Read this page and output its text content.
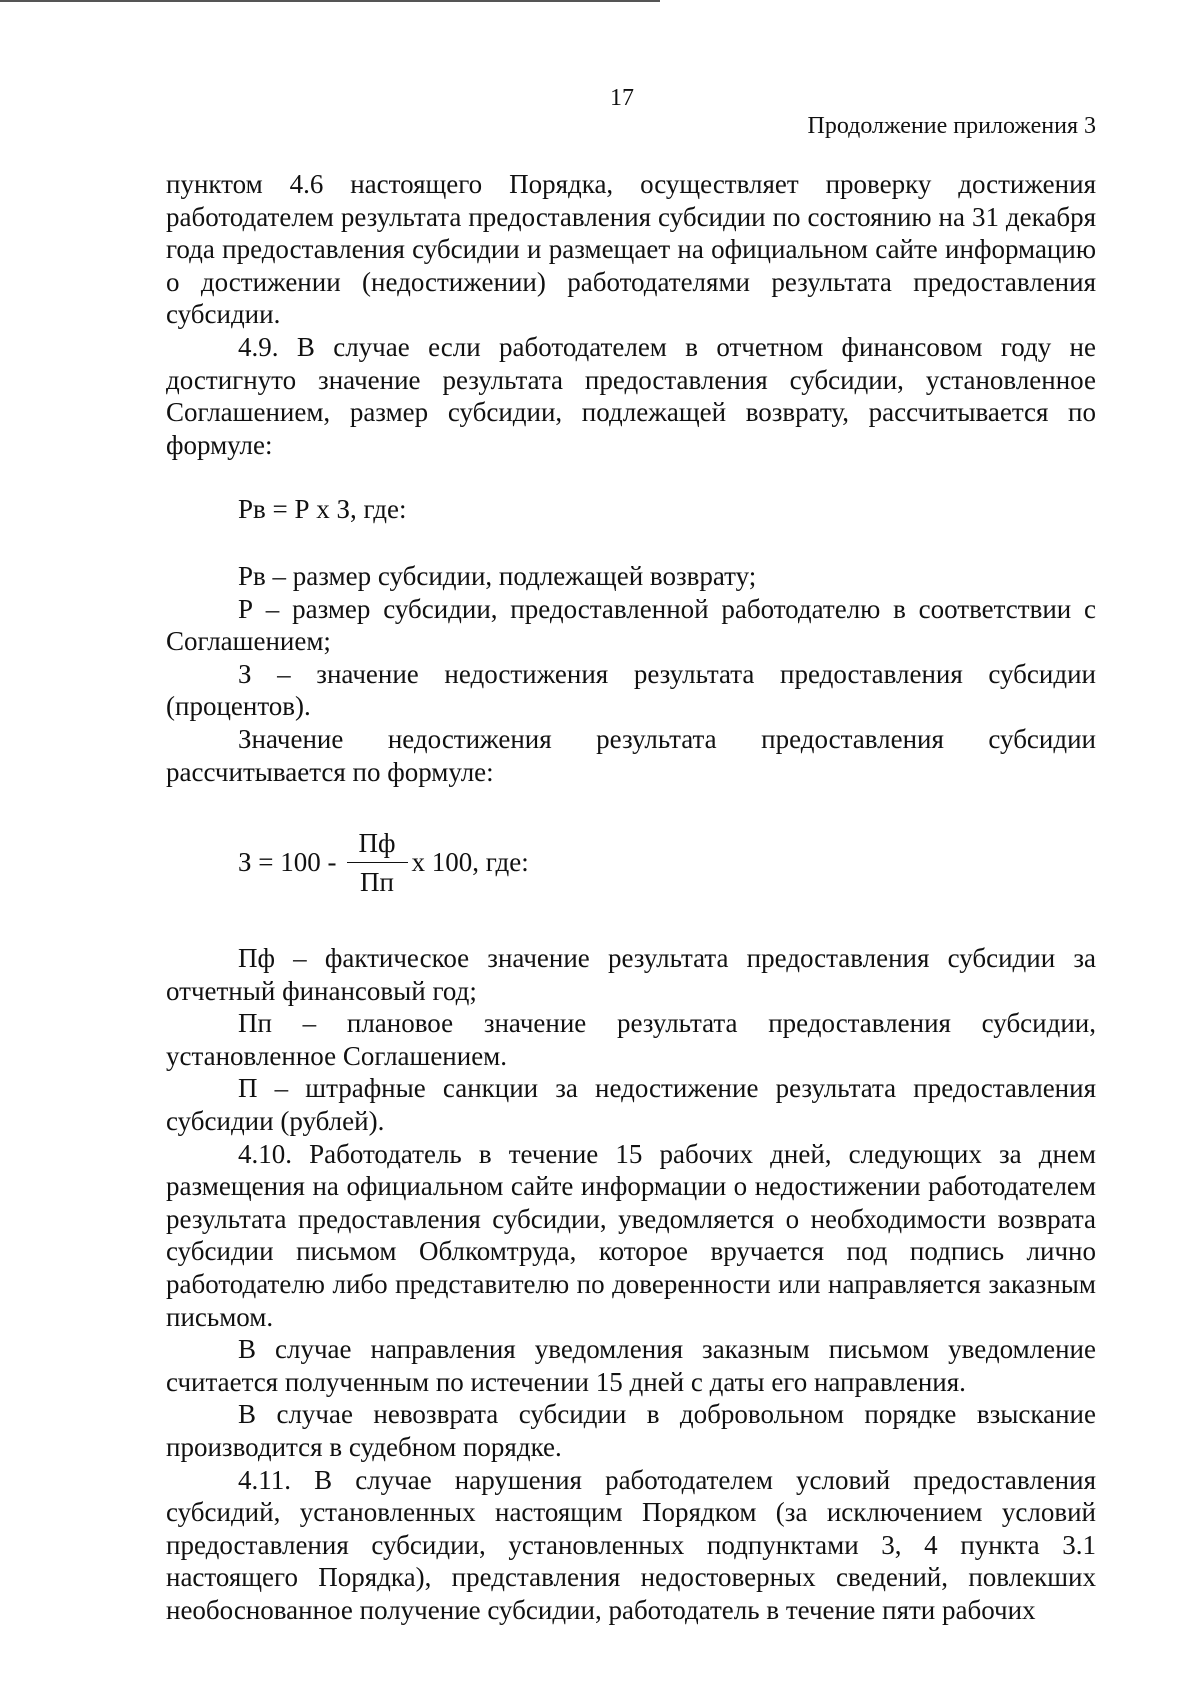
17
Продолжение приложения 3

пунктом 4.6 настоящего Порядка, осуществляет проверку достижения работодателем результата предоставления субсидии по состоянию на 31 декабря года предоставления субсидии и размещает на официальном сайте информацию о достижении (недостижении) работодателями результата предоставления субсидии.

4.9. В случае если работодателем в отчетном финансовом году не достигнуто значение результата предоставления субсидии, установленное Соглашением, размер субсидии, подлежащей возврату, рассчитывается по формуле:

Рв = Р х З, где:

Рв – размер субсидии, подлежащей возврату;

Р – размер субсидии, предоставленной работодателю в соответствии с Соглашением;

З – значение недостижения результата предоставления субсидии (процентов).

Значение недостижения результата предоставления субсидии рассчитывается по формуле:

$З = 100 - \frac{Пф}{Пп}$ х 100, где:

Пф – фактическое значение результата предоставления субсидии за отчетный финансовый год;

Пп – плановое значение результата предоставления субсидии, установленное Соглашением.

П – штрафные санкции за недостижение результата предоставления субсидии (рублей).

4.10. Работодатель в течение 15 рабочих дней, следующих за днем размещения на официальном сайте информации о недостижении работодателем результата предоставления субсидии, уведомляется о необходимости возврата субсидии письмом Облкомтруда, которое вручается под подпись лично работодателю либо представителю по доверенности или направляется заказным письмом.

В случае направления уведомления заказным письмом уведомление считается полученным по истечении 15 дней с даты его направления.

В случае невозврата субсидии в добровольном порядке взыскание производится в судебном порядке.

4.11. В случае нарушения работодателем условий предоставления субсидий, установленных настоящим Порядком (за исключением условий предоставления субсидии, установленных подпунктами 3, 4 пункта 3.1 настоящего Порядка), представления недостоверных сведений, повлекших необоснованное получение субсидии, работодатель в течение пяти рабочих
